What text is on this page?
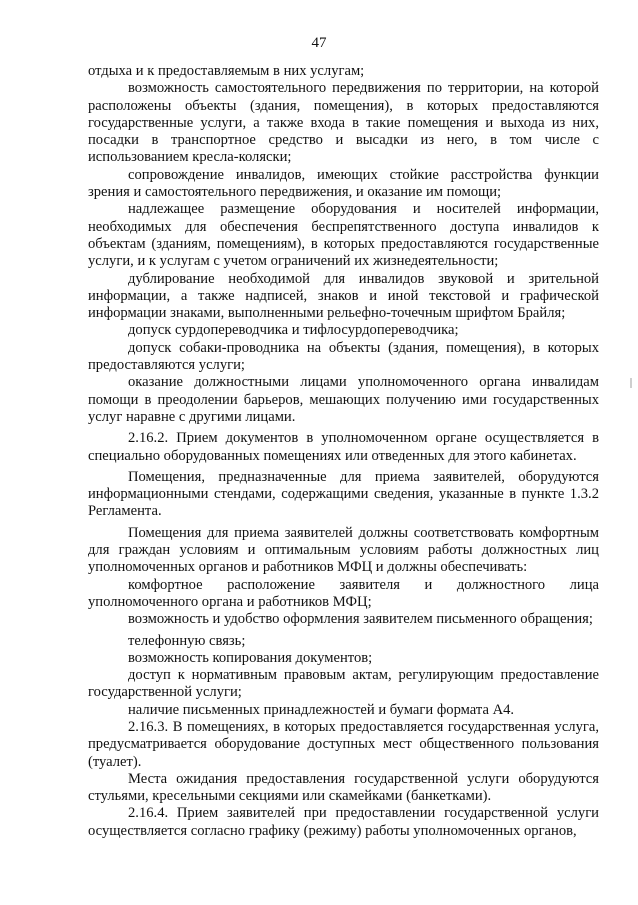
47

отдыха и к предоставляемым в них услугам;

возможность самостоятельного передвижения по территории, на которой расположены объекты (здания, помещения), в которых предоставляются государственные услуги, а также входа в такие помещения и выхода из них, посадки в транспортное средство и высадки из него, в том числе с использованием кресла-коляски;

сопровождение инвалидов, имеющих стойкие расстройства функции зрения и самостоятельного передвижения, и оказание им помощи;

надлежащее размещение оборудования и носителей информации, необходимых для обеспечения беспрепятственного доступа инвалидов к объектам (зданиям, помещениям), в которых предоставляются государственные услуги, и к услугам с учетом ограничений их жизнедеятельности;

дублирование необходимой для инвалидов звуковой и зрительной информации, а также надписей, знаков и иной текстовой и графической информации знаками, выполненными рельефно-точечным шрифтом Брайля;

допуск сурдопереводчика и тифлосурдопереводчика;

допуск собаки-проводника на объекты (здания, помещения), в которых предоставляются услуги;

оказание должностными лицами уполномоченного органа инвалидам помощи в преодолении барьеров, мешающих получению ими государственных услуг наравне с другими лицами.

2.16.2. Прием документов в уполномоченном органе осуществляется в специально оборудованных помещениях или отведенных для этого кабинетах.

Помещения, предназначенные для приема заявителей, оборудуются информационными стендами, содержащими сведения, указанные в пункте 1.3.2 Регламента.

Помещения для приема заявителей должны соответствовать комфортным для граждан условиям и оптимальным условиям работы должностных лиц уполномоченных органов и работников МФЦ и должны обеспечивать:

комфортное расположение заявителя и должностного лица уполномоченного органа и работников МФЦ;

возможность и удобство оформления заявителем письменного обращения;

телефонную связь;

возможность копирования документов;

доступ к нормативным правовым актам, регулирующим предоставление государственной услуги;

наличие письменных принадлежностей и бумаги формата А4.

2.16.3. В помещениях, в которых предоставляется государственная услуга, предусматривается оборудование доступных мест общественного пользования (туалет).

Места ожидания предоставления государственной услуги оборудуются стульями, кресельными секциями или скамейками (банкетками).

2.16.4. Прием заявителей при предоставлении государственной услуги осуществляется согласно графику (режиму) работы уполномоченных органов,
